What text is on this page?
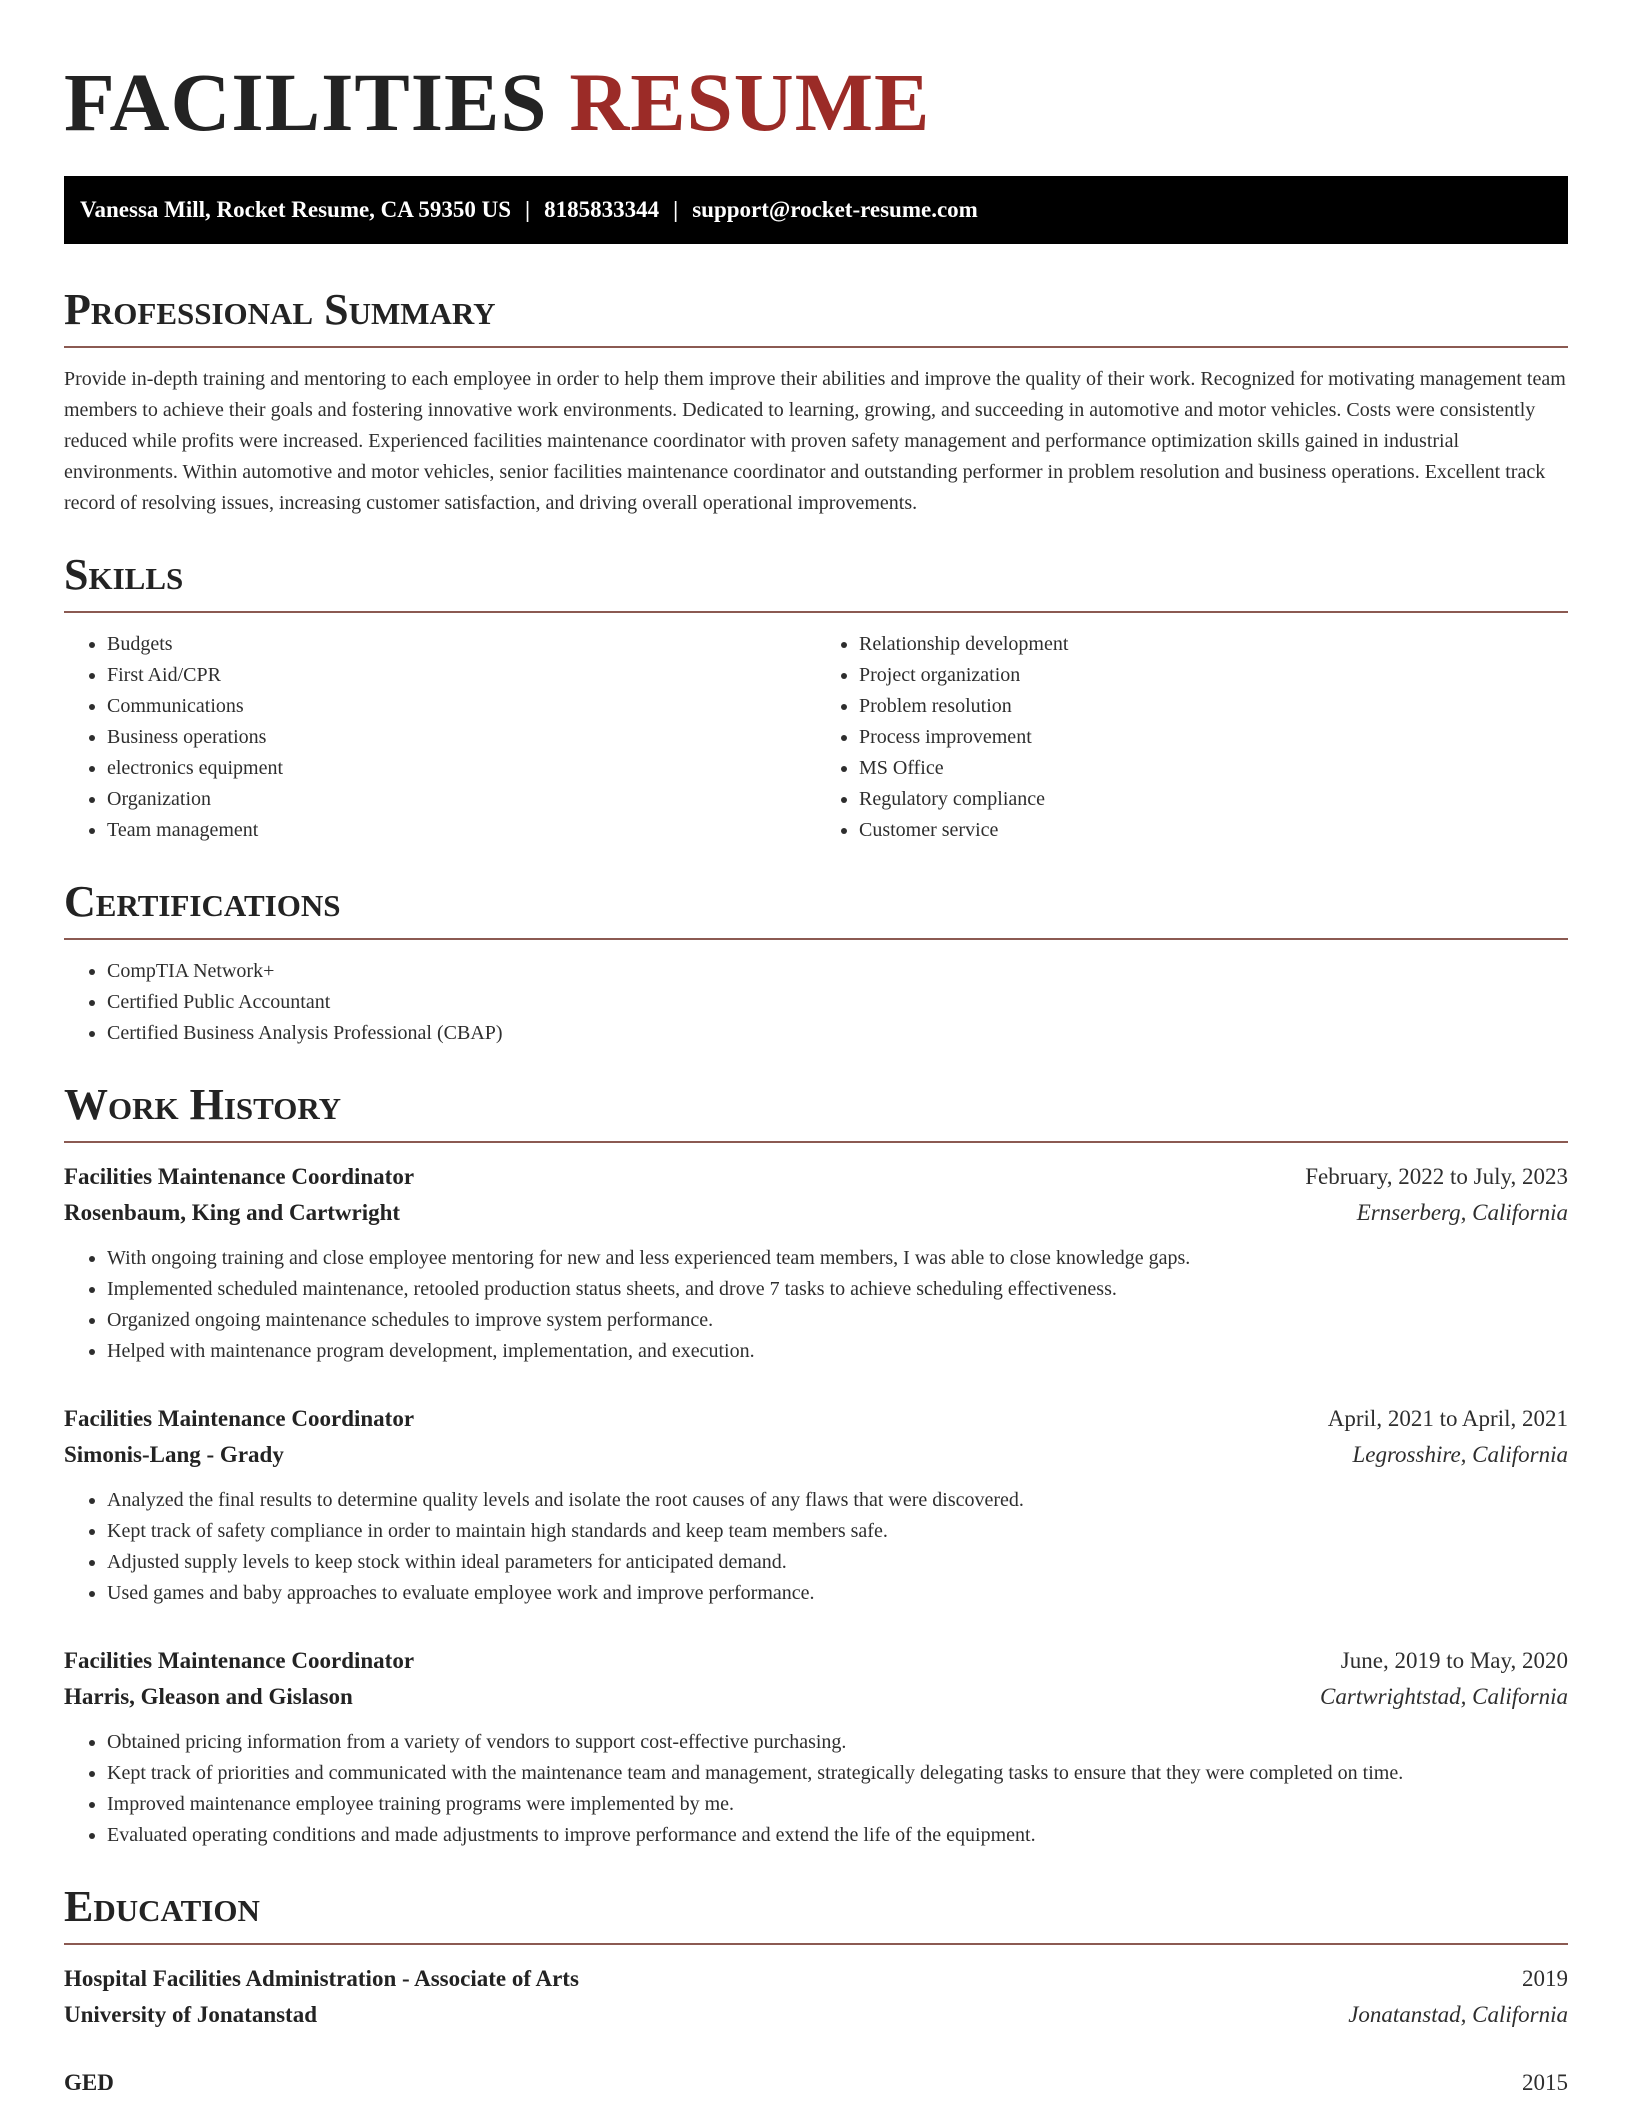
FACILITIES RESUME
Vanessa Mill, Rocket Resume, CA 59350 US | 8185833344 | support@rocket-resume.com
Professional Summary

Provide in-depth training and mentoring to each employee in order to help them improve their abilities and improve the quality of their work. Recognized for motivating management team members to achieve their goals and fostering innovative work environments. Dedicated to learning, growing, and succeeding in automotive and motor vehicles. Costs were consistently reduced while profits were increased. Experienced facilities maintenance coordinator with proven safety management and performance optimization skills gained in industrial environments. Within automotive and motor vehicles, senior facilities maintenance coordinator and outstanding performer in problem resolution and business operations. Excellent track record of resolving issues, increasing customer satisfaction, and driving overall operational improvements.

Skills
• Budgets
• First Aid/CPR
• Communications
• Business operations
• electronics equipment
• Organization
• Team management
• Relationship development
• Project organization
• Problem resolution
• Process improvement
• MS Office
• Regulatory compliance
• Customer service
Certifications
• CompTIA Network+
• Certified Public Accountant
• Certified Business Analysis Professional (CBAP)
Work History
Facilities Maintenance Coordinator	February, 2022 to July, 2023
Rosenbaum, King and Cartwright	Ernserberg, California
• With ongoing training and close employee mentoring for new and less experienced team members, I was able to close knowledge gaps.
• Implemented scheduled maintenance, retooled production status sheets, and drove 7 tasks to achieve scheduling effectiveness.
• Organized ongoing maintenance schedules to improve system performance.
• Helped with maintenance program development, implementation, and execution.
Facilities Maintenance Coordinator	April, 2021 to April, 2021
Simonis-Lang - Grady	Legrosshire, California
• Analyzed the final results to determine quality levels and isolate the root causes of any flaws that were discovered.
• Kept track of safety compliance in order to maintain high standards and keep team members safe.
• Adjusted supply levels to keep stock within ideal parameters for anticipated demand.
• Used games and baby approaches to evaluate employee work and improve performance.
Facilities Maintenance Coordinator	June, 2019 to May, 2020
Harris, Gleason and Gislason	Cartwrightstad, California
• Obtained pricing information from a variety of vendors to support cost-effective purchasing.
• Kept track of priorities and communicated with the maintenance team and management, strategically delegating tasks to ensure that they were completed on time.
• Improved maintenance employee training programs were implemented by me.
• Evaluated operating conditions and made adjustments to improve performance and extend the life of the equipment.
Education
Hospital Facilities Administration - Associate of Arts	2019
University of Jonatanstad	Jonatanstad, California
GED	2015
